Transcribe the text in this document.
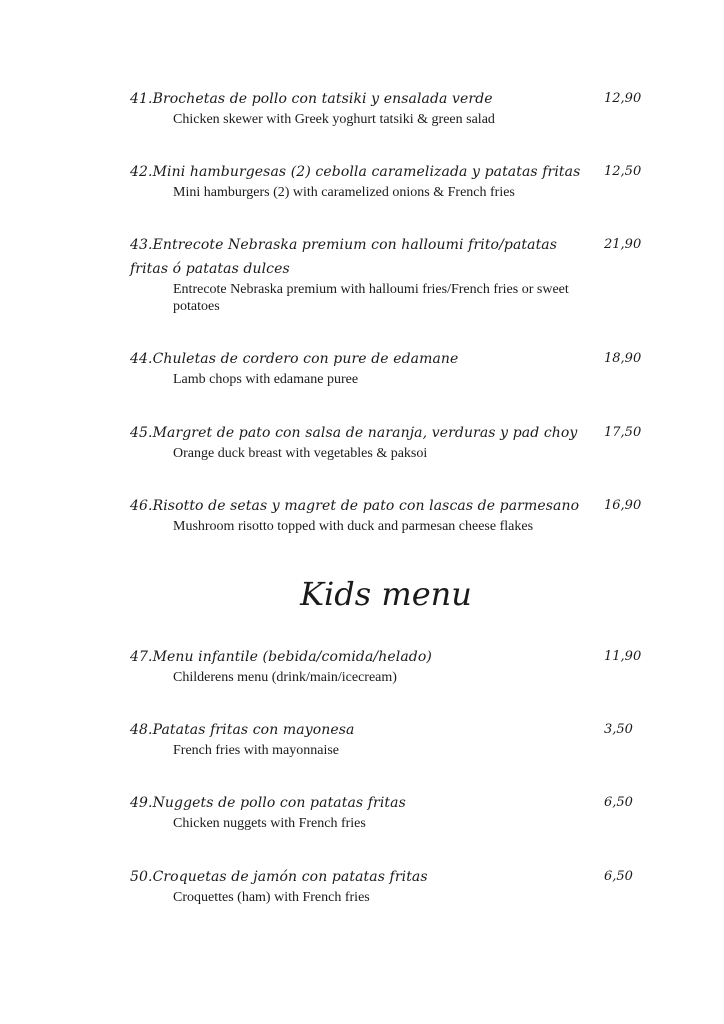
41.Brochetas de pollo con tatsiki y ensalada verde
Chicken skewer with Greek yoghurt tatsiki & green salad
12,90
42.Mini hamburgesas (2) cebolla caramelizada y patatas fritas
Mini hamburgers (2) with caramelized onions & French fries
12,50
43.Entrecote Nebraska premium con halloumi frito/patatas fritas ó patatas dulces
Entrecote Nebraska premium with halloumi fries/French fries or sweet potatoes
21,90
44.Chuletas de cordero con pure de edamane
Lamb chops with edamane puree
18,90
45.Margret de pato con salsa de naranja, verduras y pad choy
Orange duck breast with vegetables & paksoi
17,50
46.Risotto de setas y magret de pato con lascas de parmesano
Mushroom risotto topped with duck and parmesan cheese flakes
16,90
Kids menu
47.Menu infantile (bebida/comida/helado)
Childerens menu (drink/main/icecream)
11,90
48.Patatas fritas con mayonesa
French fries with mayonnaise
3,50
49.Nuggets de pollo con patatas fritas
Chicken nuggets with French fries
6,50
50.Croquetas de jamón con patatas fritas
Croquettes (ham) with French fries
6,50
